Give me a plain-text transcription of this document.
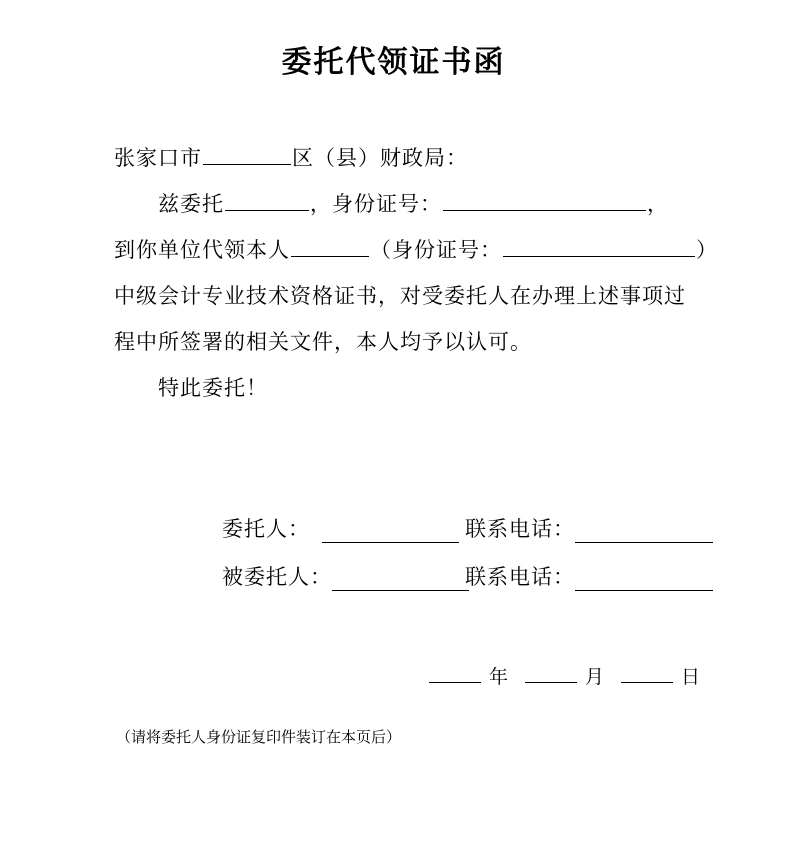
委托代领证书函
张家口市	区（县）财政局：
兹委托	，身份证号：	，
到你单位代领本人	（身份证号：	）
中级会计专业技术资格证书，对受委托人在办理上述事项过
程中所签署的相关文件，本人均予以认可。
特此委托！
委托人：	联系电话：
被委托人：	联系电话：
年	月	日
（请将委托人身份证复印件装订在本页后）
